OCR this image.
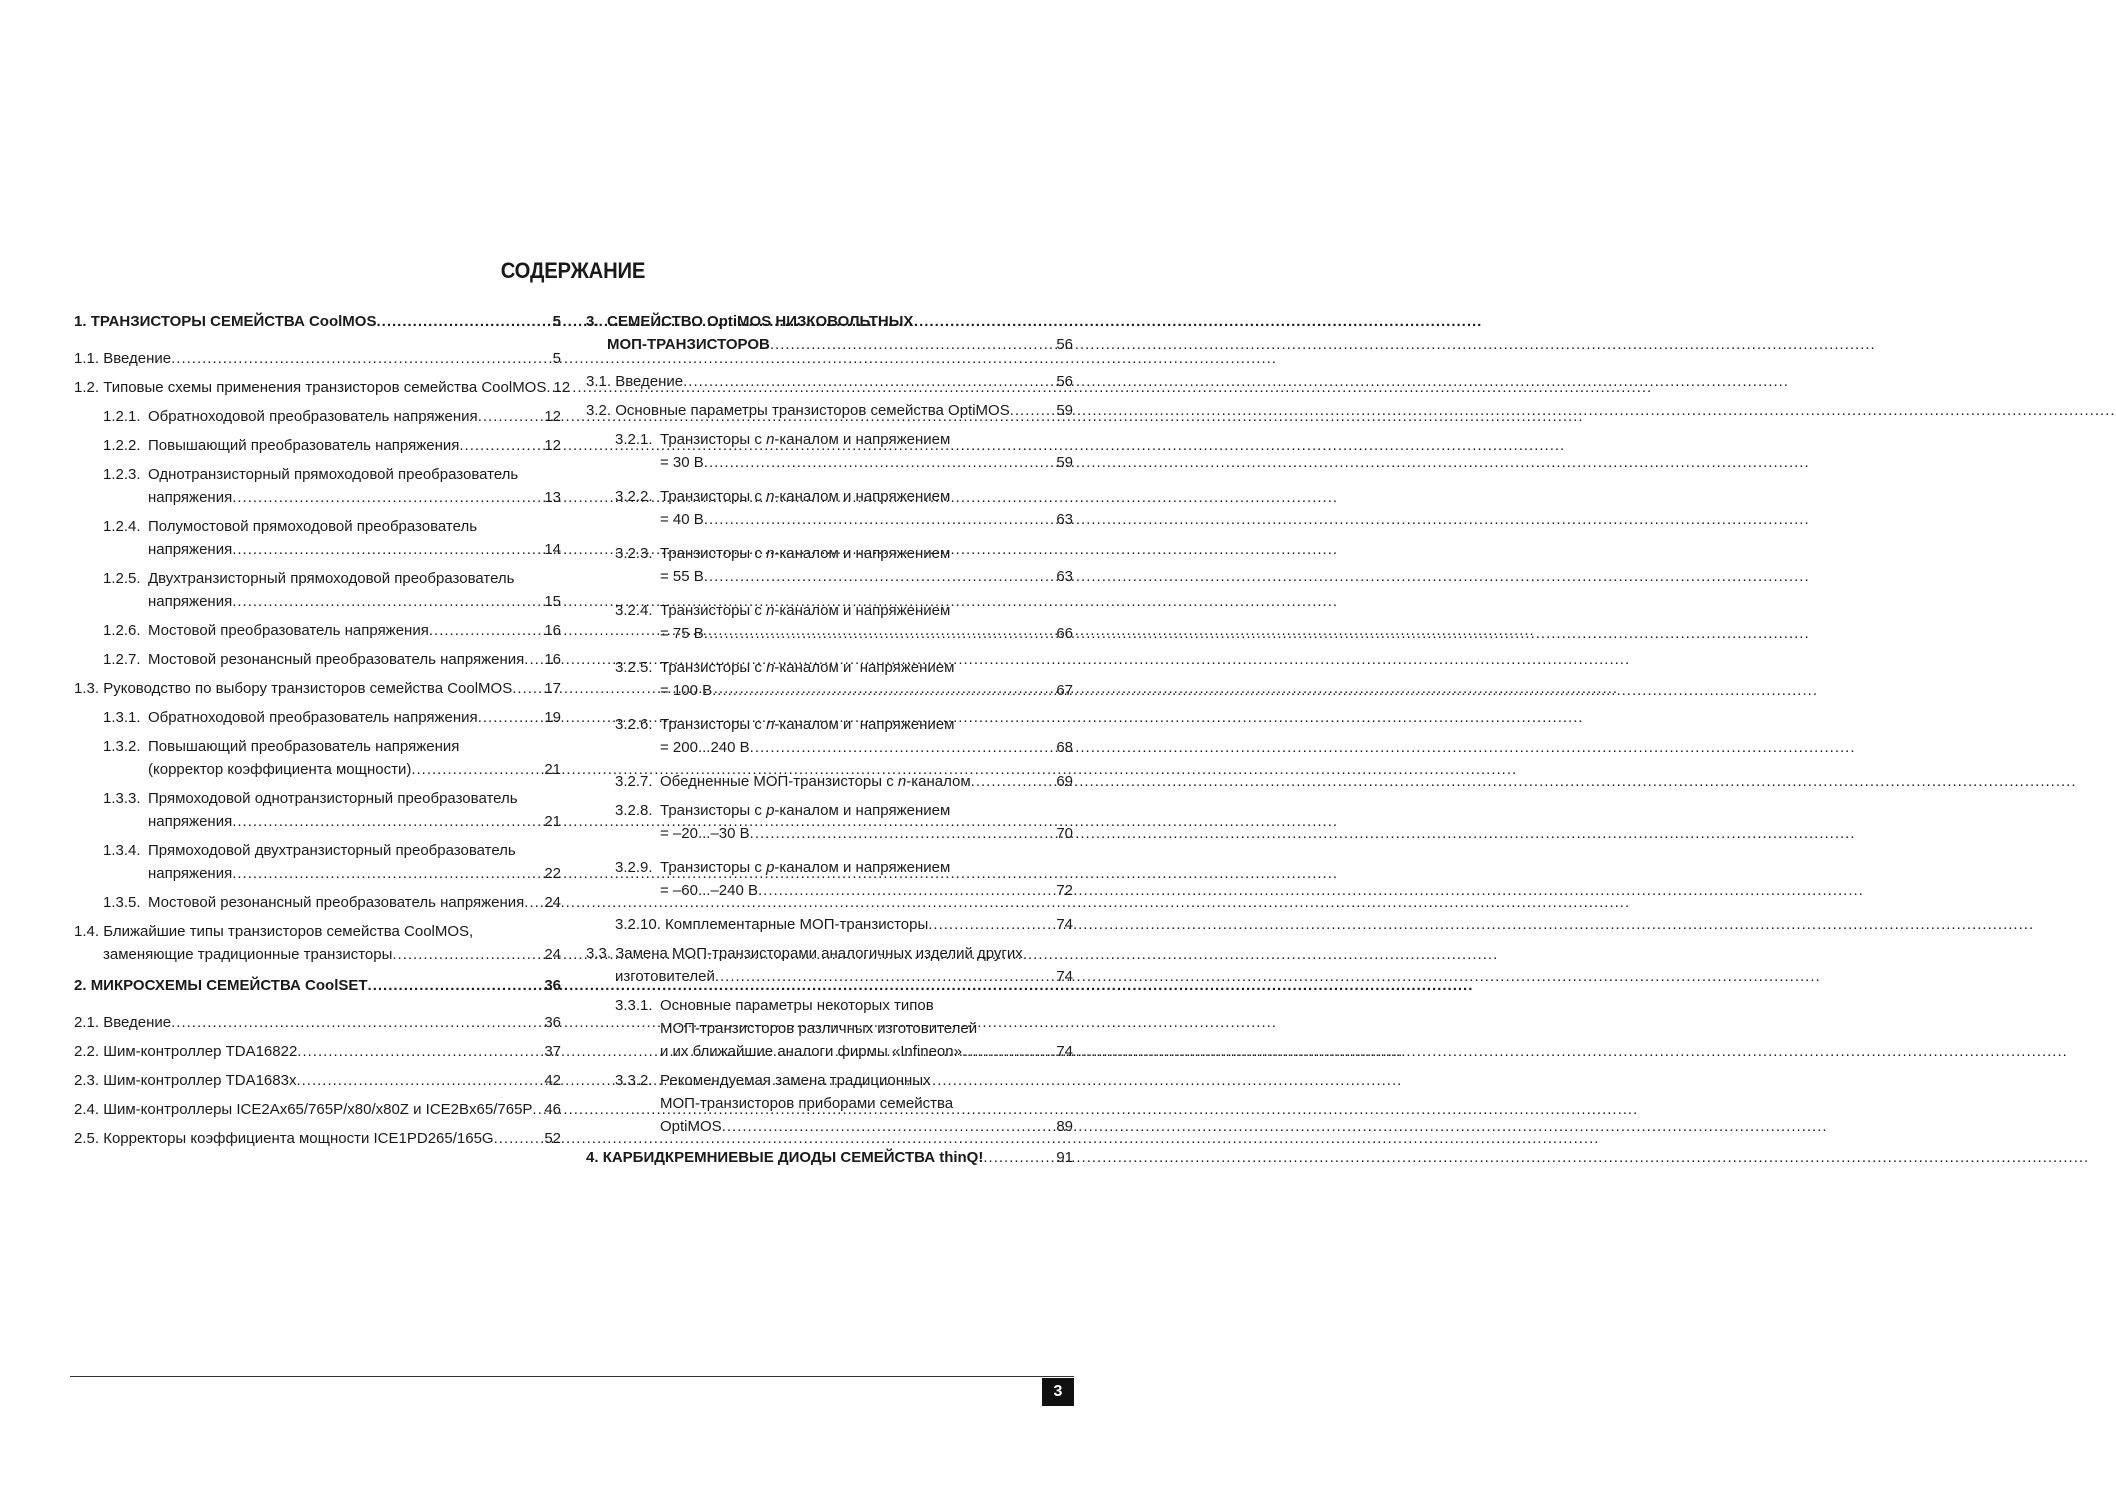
СОДЕРЖАНИЕ
1. ТРАНЗИСТОРЫ СЕМЕЙСТВА CoolMOS .....	5
1.1. Введение .....	5
1.2. Типовые схемы применения транзисторов семейства CoolMOS ..... 12
1.2.1. Обратноходовой преобразователь напряжения .....	12
1.2.2. Повышающий преобразователь напряжения .....	12
1.2.3. Однотранзисторный прямоходовой преобразователь
напряжения .....	13
1.2.4. Полумостовой прямоходовой преобразователь
напряжения .....	14
1.2.5. Двухтранзисторный прямоходовой преобразователь
напряжения .....	15
1.2.6. Мостовой преобразователь напряжения .....	16
1.2.7. Мостовой резонансный преобразователь напряжения ..... 16
1.3. Руководство по выбору транзисторов семейства CoolMOS ..... 17
1.3.1. Обратноходовой преобразователь напряжения .....	19
1.3.2. Повышающий преобразователь напряжения
(корректор коэффициента мощности) .....	21
1.3.3. Прямоходовой однотранзисторный преобразователь
напряжения .....	21
1.3.4. Прямоходовой двухтранзисторный преобразователь
напряжения .....	22
1.3.5. Мостовой резонансный преобразователь напряжения ..... 24
1.4. Ближайшие типы транзисторов семейства CoolMOS,
заменяющие традиционные транзисторы .....	24
2. МИКРОСХЕМЫ СЕМЕЙСТВА CoolSET .....	36
2.1. Введение .....	36
2.2. Шим-контроллер TDA16822 .....	37
2.3. Шим-контроллер TDA1683x .....	42
2.4. Шим-контроллеры ICE2Ax65/765P/x80/x80Z и ICE2Bx65/765P ..... 46
2.5. Корректоры коэффициента мощности ICE1PD265/165G .....	52
3. СЕМЕЙСТВО OptiMOS НИЗКОВОЛЬТНЫХ
МОП-ТРАНЗИСТОРОВ .....	56
3.1. Введение .....	56
3.2. Основные параметры транзисторов семейства OptiMOS .....	59
3.2.1. Транзисторы с n-каналом и напряжением
= 30 В .....	59
3.2.2. Транзисторы с n-каналом и напряжением
= 40 В .....	63
3.2.3. Транзисторы с n-каналом и напряжением
= 55 В .....	63
3.2.4. Транзисторы с n-каналом и напряжением
= 75 В .....	66
3.2.5. Транзисторы с n-каналом и  напряжением
= 100 В .....	67
3.2.6. Транзисторы с n-каналом и  напряжением
= 200...240 В .....	68
3.2.7. Обедненные МОП-транзисторы с n-каналом .....	69
3.2.8. Транзисторы с p-каналом и напряжением
= –20...–30 В .....	70
3.2.9. Транзисторы с p-каналом и напряжением
= –60...–240 В .....	72
3.2.10. Комплементарные МОП-транзисторы .....	74
3.3. Замена МОП-транзисторами аналогичных изделий других
изготовителей .....	74
3.3.1. Основные параметры некоторых типов
МОП-транзисторов различных изготовителей
и их ближайшие аналоги фирмы «Infineon» .....	74
3.3.2. Рекомендуемая замена традиционных
МОП-транзисторов приборами семейства
OptiMOS .....	89
4. КАРБИДКРЕМНИЕВЫЕ ДИОДЫ СЕМЕЙСТВА thinQ! .....	91
3
